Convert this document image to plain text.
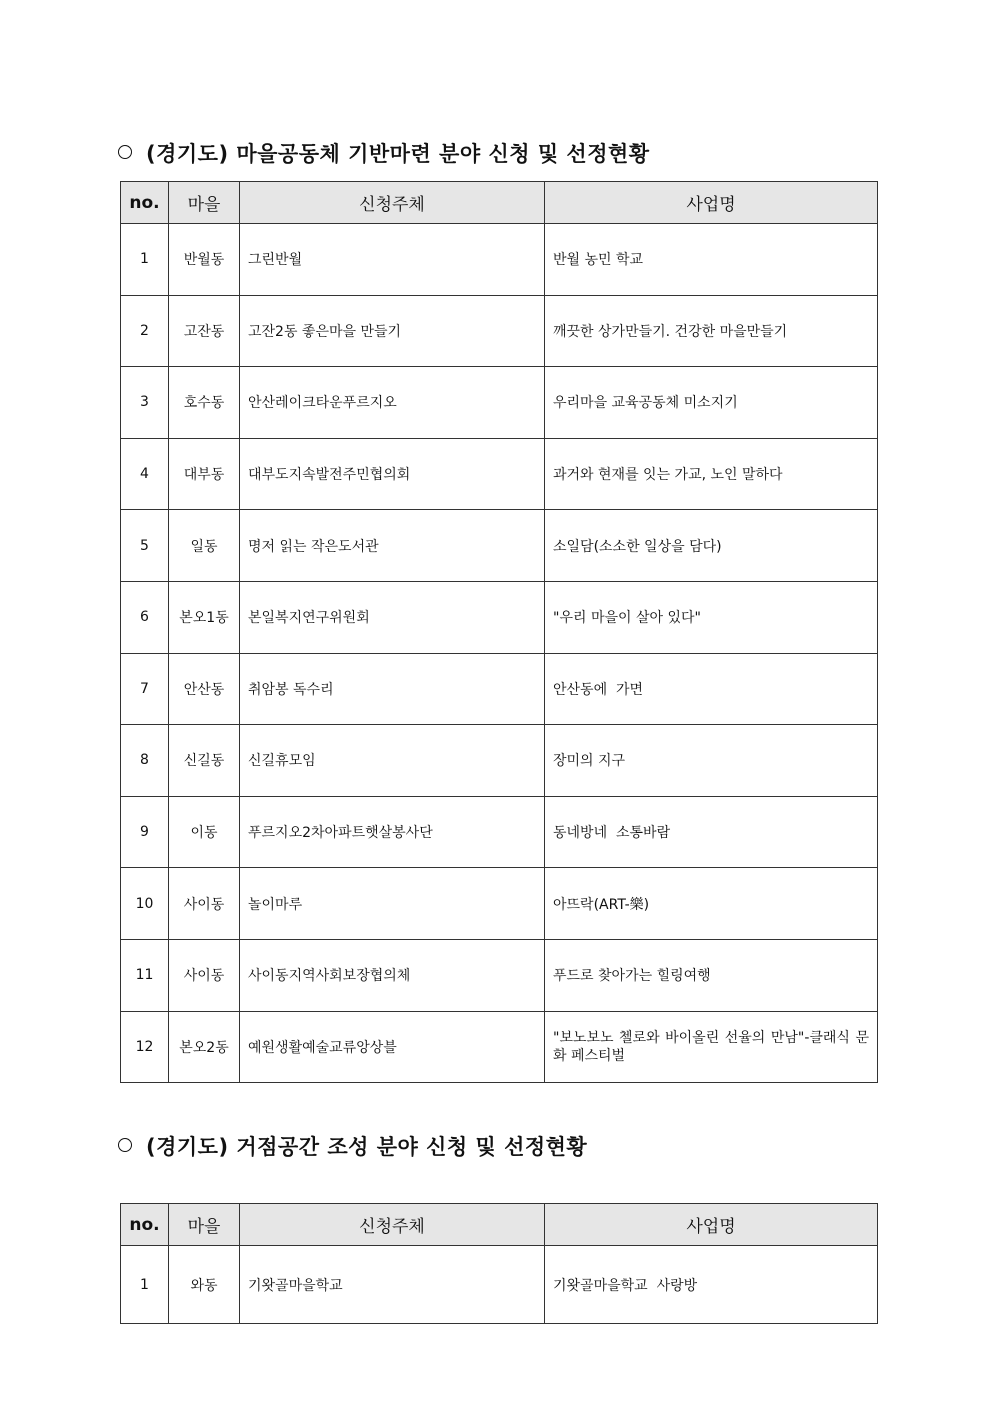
(경기도) 마을공동체 기반마련 분야 신청 및 선정현황
no.	마을	신청주체	사업명
1	반월동	그린반월	반월 농민 학교
2	고잔동	고잔2동 좋은마을 만들기	깨끗한 상가만들기. 건강한 마을만들기
3	호수동	안산레이크타운푸르지오	우리마을 교육공동체 미소지기
4	대부동	대부도지속발전주민협의회	과거와 현재를 잇는 가교, 노인 말하다
5	일동	명저 읽는 작은도서관	소일담(소소한 일상을 담다)
6	본오1동	본일복지연구위원회	"우리 마을이 살아 있다"
7	안산동	취암봉 독수리	안산동에  가면
8	신길동	신길휴모임	장미의 지구
9	이동	푸르지오2차아파트햇살봉사단	동네방네  소통바람
10	사이동	놀이마루	아뜨락(ART-樂)
11	사이동	사이동지역사회보장협의체	푸드로 찾아가는 힐링여행
12	본오2동	예원생활예술교류앙상블	"보노보노 첼로와 바이올린 선율의 만남"-클래식 문화 페스티벌
(경기도) 거점공간 조성 분야 신청 및 선정현황
no.	마을	신청주체	사업명
1	와동	기왓골마을학교	기왓골마을학교  사랑방
